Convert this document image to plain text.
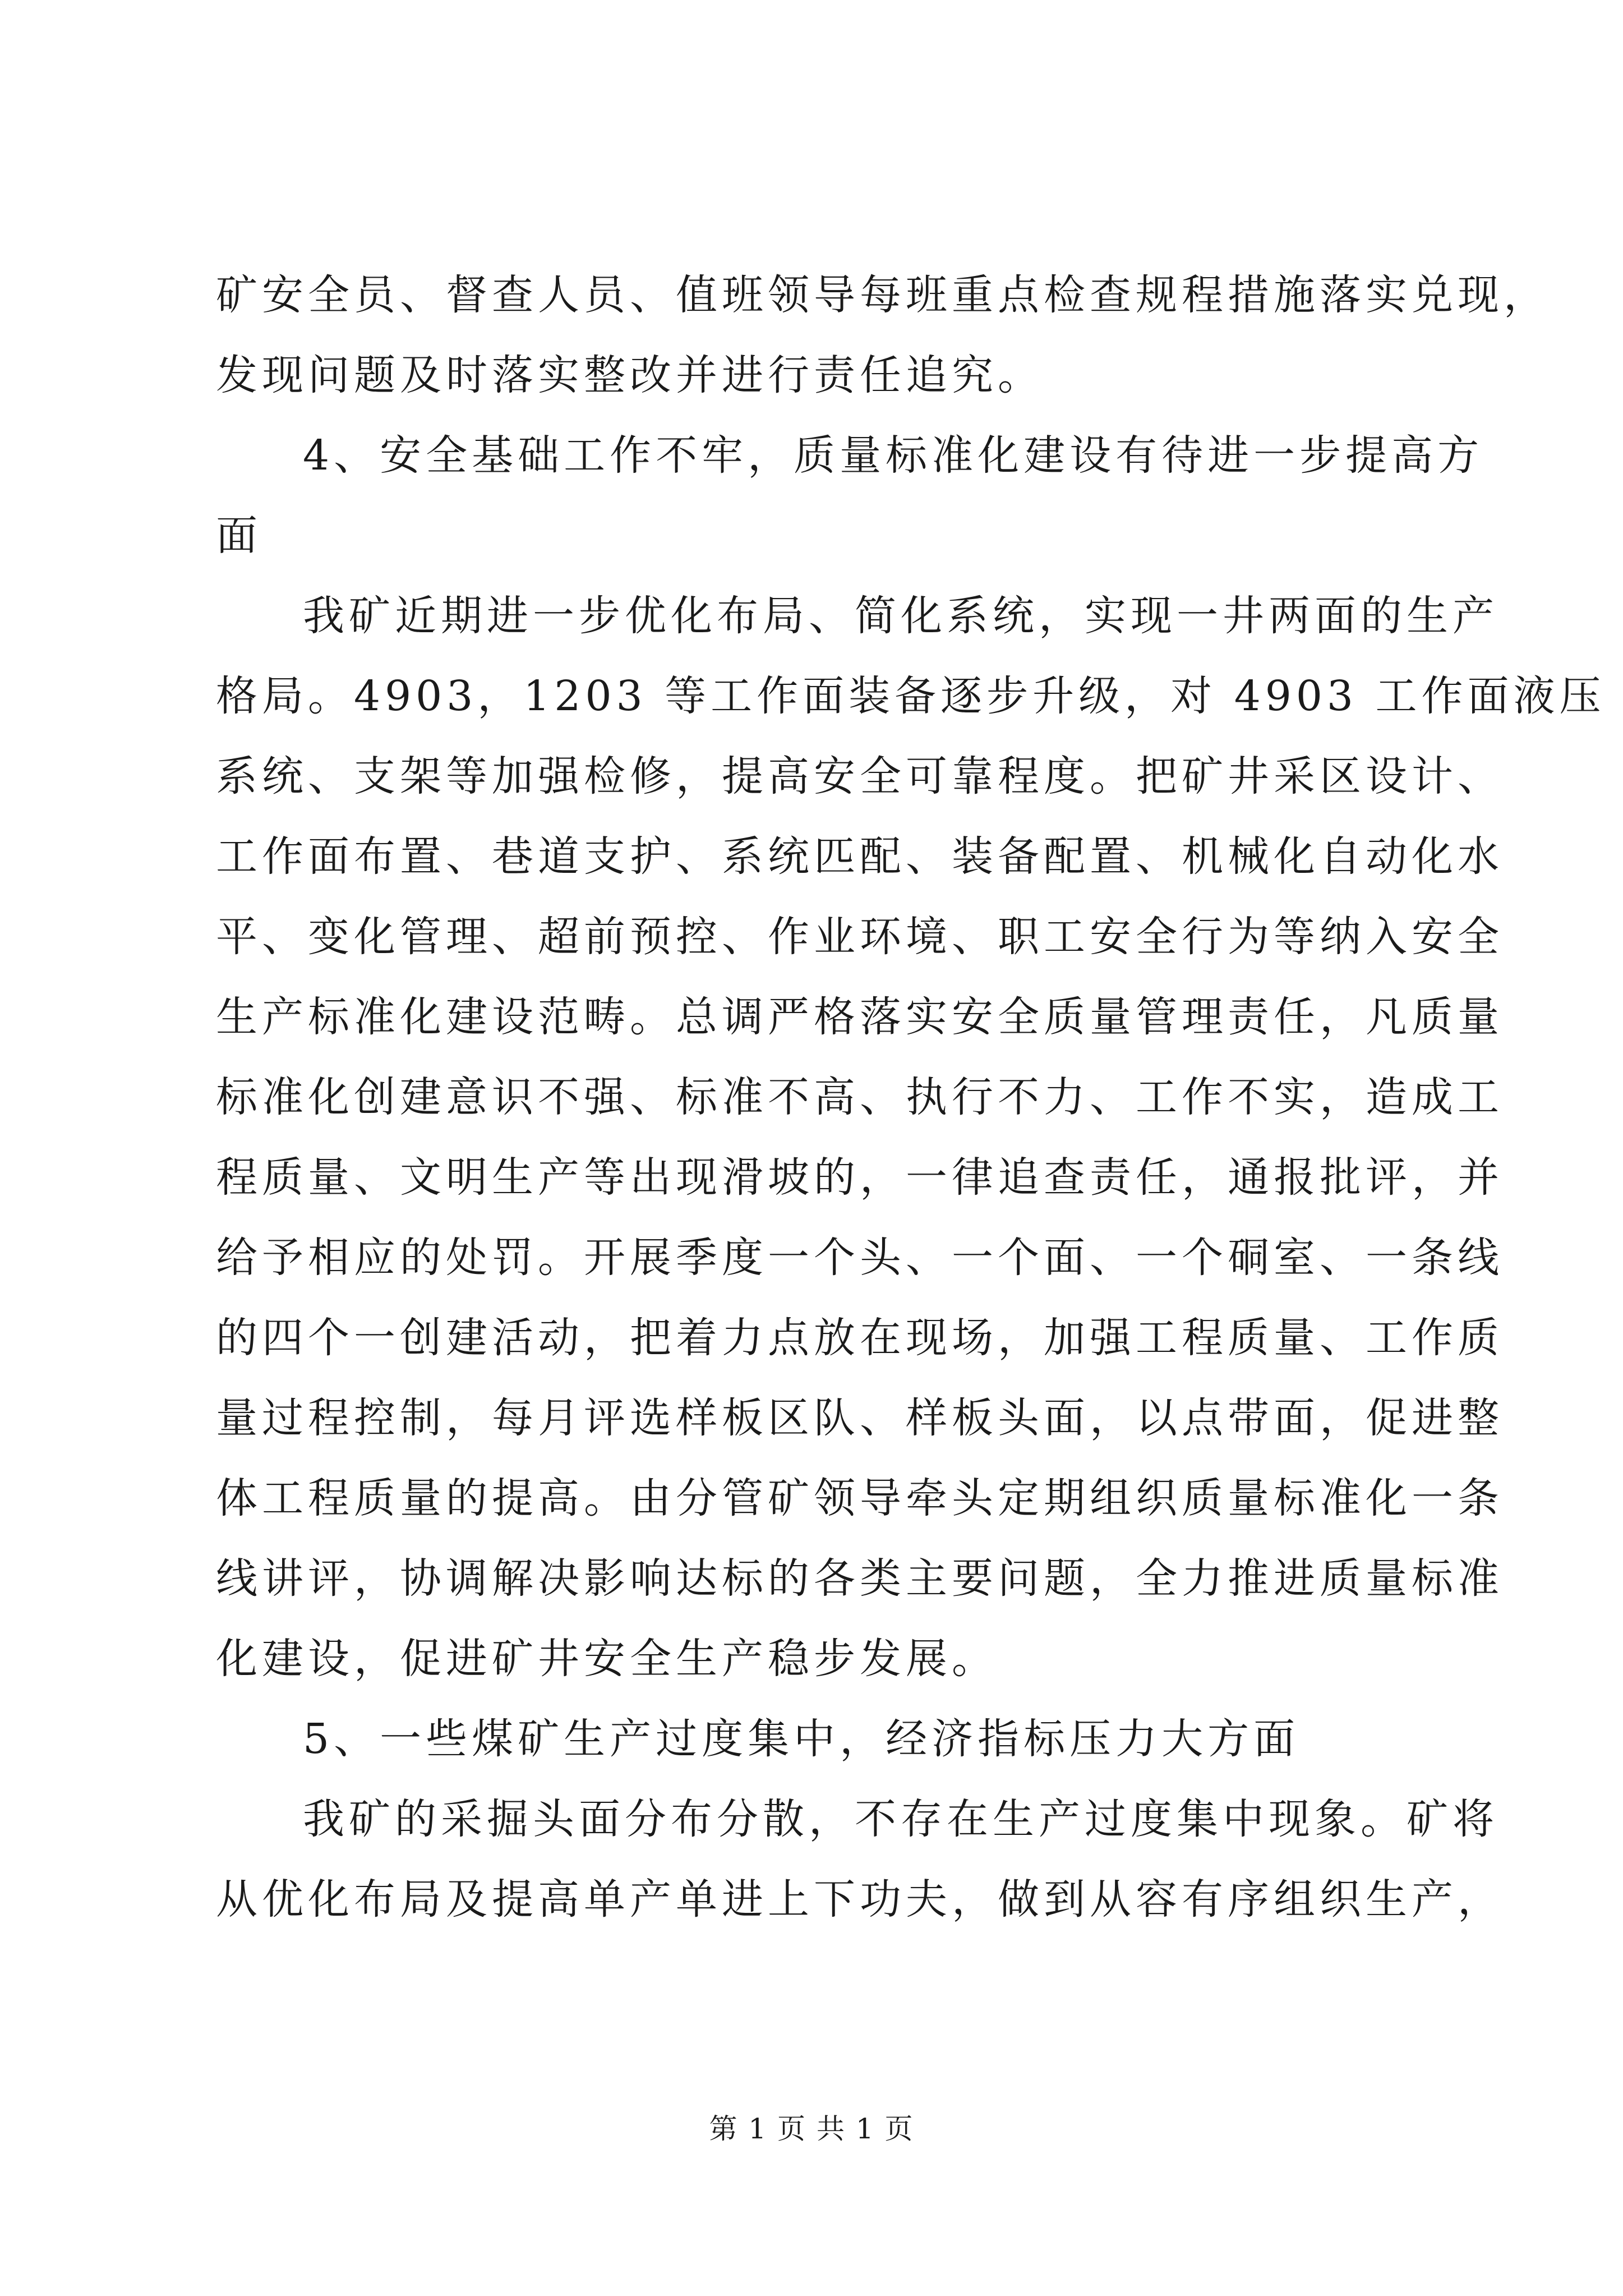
矿安全员、督查人员、值班领导每班重点检查规程措施落实兑现，
发现问题及时落实整改并进行责任追究。
4、安全基础工作不牢，质量标准化建设有待进一步提高方
面
我矿近期进一步优化布局、简化系统，实现一井两面的生产
格局。4903，1203 等工作面装备逐步升级，对 4903 工作面液压
系统、支架等加强检修，提高安全可靠程度。把矿井采区设计、
工作面布置、巷道支护、系统匹配、装备配置、机械化自动化水
平、变化管理、超前预控、作业环境、职工安全行为等纳入安全
生产标准化建设范畴。总调严格落实安全质量管理责任，凡质量
标准化创建意识不强、标准不高、执行不力、工作不实，造成工
程质量、文明生产等出现滑坡的，一律追查责任，通报批评，并
给予相应的处罚。开展季度一个头、一个面、一个硐室、一条线
的四个一创建活动，把着力点放在现场，加强工程质量、工作质
量过程控制，每月评选样板区队、样板头面，以点带面，促进整
体工程质量的提高。由分管矿领导牵头定期组织质量标准化一条
线讲评，协调解决影响达标的各类主要问题，全力推进质量标准
化建设，促进矿井安全生产稳步发展。
5、一些煤矿生产过度集中，经济指标压力大方面
我矿的采掘头面分布分散，不存在生产过度集中现象。矿将
从优化布局及提高单产单进上下功夫，做到从容有序组织生产，
第 1 页 共 1 页
